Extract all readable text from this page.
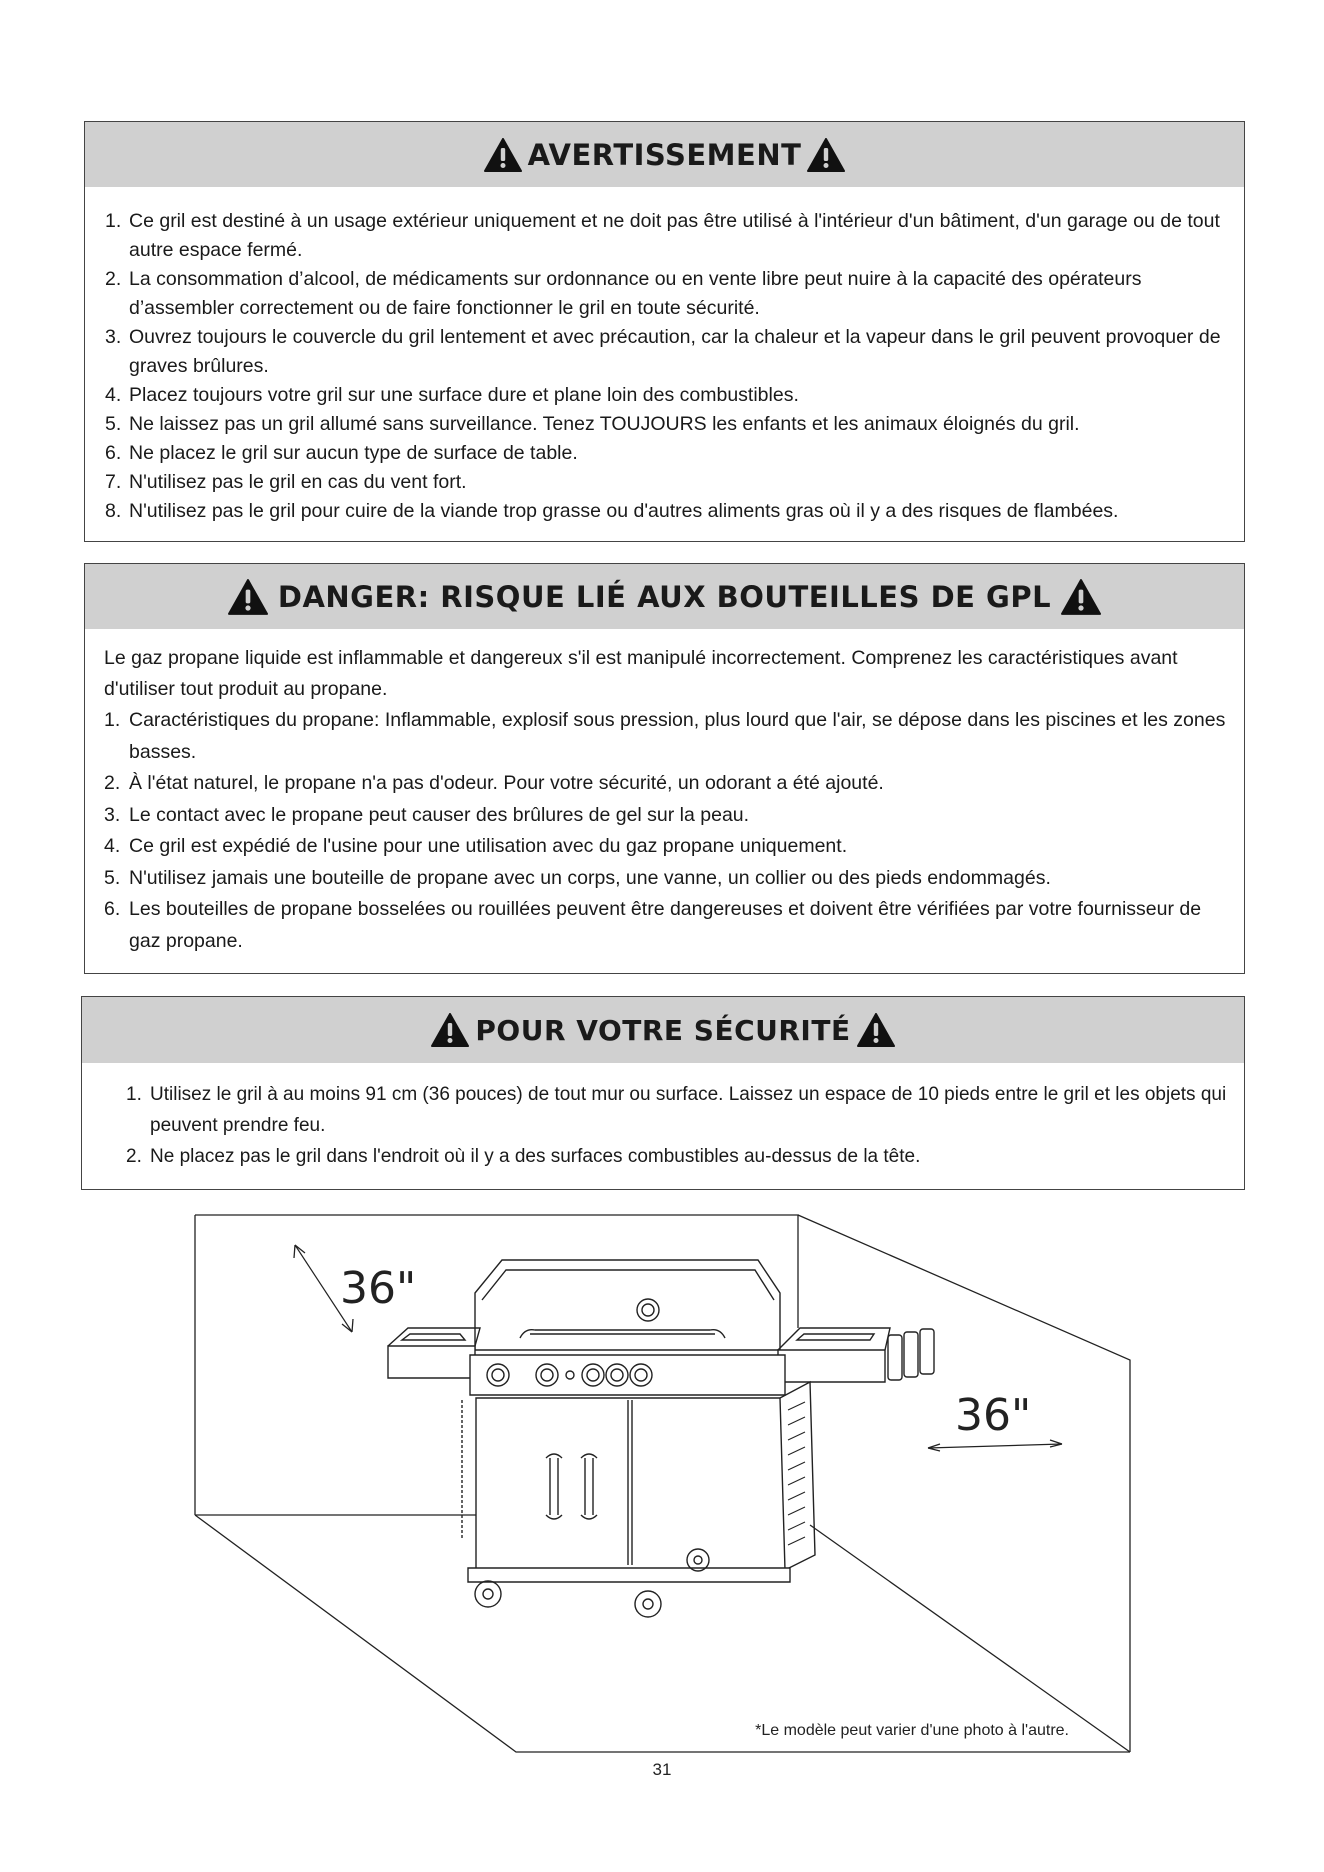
AVERTISSEMENT
1. Ce gril est destiné à un usage extérieur uniquement et ne doit pas être utilisé à l'intérieur d'un bâtiment, d'un garage ou de tout autre espace fermé.
2. La consommation d’alcool, de médicaments sur ordonnance ou en vente libre peut nuire à la capacité des opérateurs d’assembler correctement ou de faire fonctionner le gril en toute sécurité.
3. Ouvrez toujours le couvercle du gril lentement et avec précaution, car la chaleur et la vapeur dans le gril peuvent provoquer de graves brûlures.
4. Placez toujours votre gril sur une surface dure et plane loin des combustibles.
5. Ne laissez pas un gril allumé sans surveillance. Tenez TOUJOURS les enfants et les animaux éloignés du gril.
6. Ne placez le gril sur aucun type de surface de table.
7. N'utilisez pas le gril en cas du vent fort.
8. N'utilisez pas le gril pour cuire de la viande trop grasse ou d'autres aliments gras où il y a des risques de flambées.
DANGER: RISQUE LIÉ AUX BOUTEILLES DE GPL

Le gaz propane liquide est inflammable et dangereux s'il est manipulé incorrectement. Comprenez les caractéristiques avant d'utiliser tout produit au propane.

1. Caractéristiques du propane: Inflammable, explosif sous pression, plus lourd que l'air, se dépose dans les piscines et les zones basses.
2. À l'état naturel, le propane n'a pas d'odeur. Pour votre sécurité, un odorant a été ajouté.
3. Le contact avec le propane peut causer des brûlures de gel sur la peau.
4. Ce gril est expédié de l'usine pour une utilisation avec du gaz propane uniquement.
5. N'utilisez jamais une bouteille de propane avec un corps, une vanne, un collier ou des pieds endommagés.
6. Les bouteilles de propane bosselées ou rouillées peuvent être dangereuses et doivent être vérifiées par votre fournisseur de gaz propane.
POUR VOTRE SÉCURITÉ
1. Utilisez le gril à au moins 91 cm (36 pouces) de tout mur ou surface. Laissez un espace de 10 pieds entre le gril et les objets qui peuvent prendre feu.
2. Ne placez pas le gril dans l'endroit où il y a des surfaces combustibles au-dessus de la tête.
36"
36"
*Le modèle peut varier d'une photo à l'autre.
31
